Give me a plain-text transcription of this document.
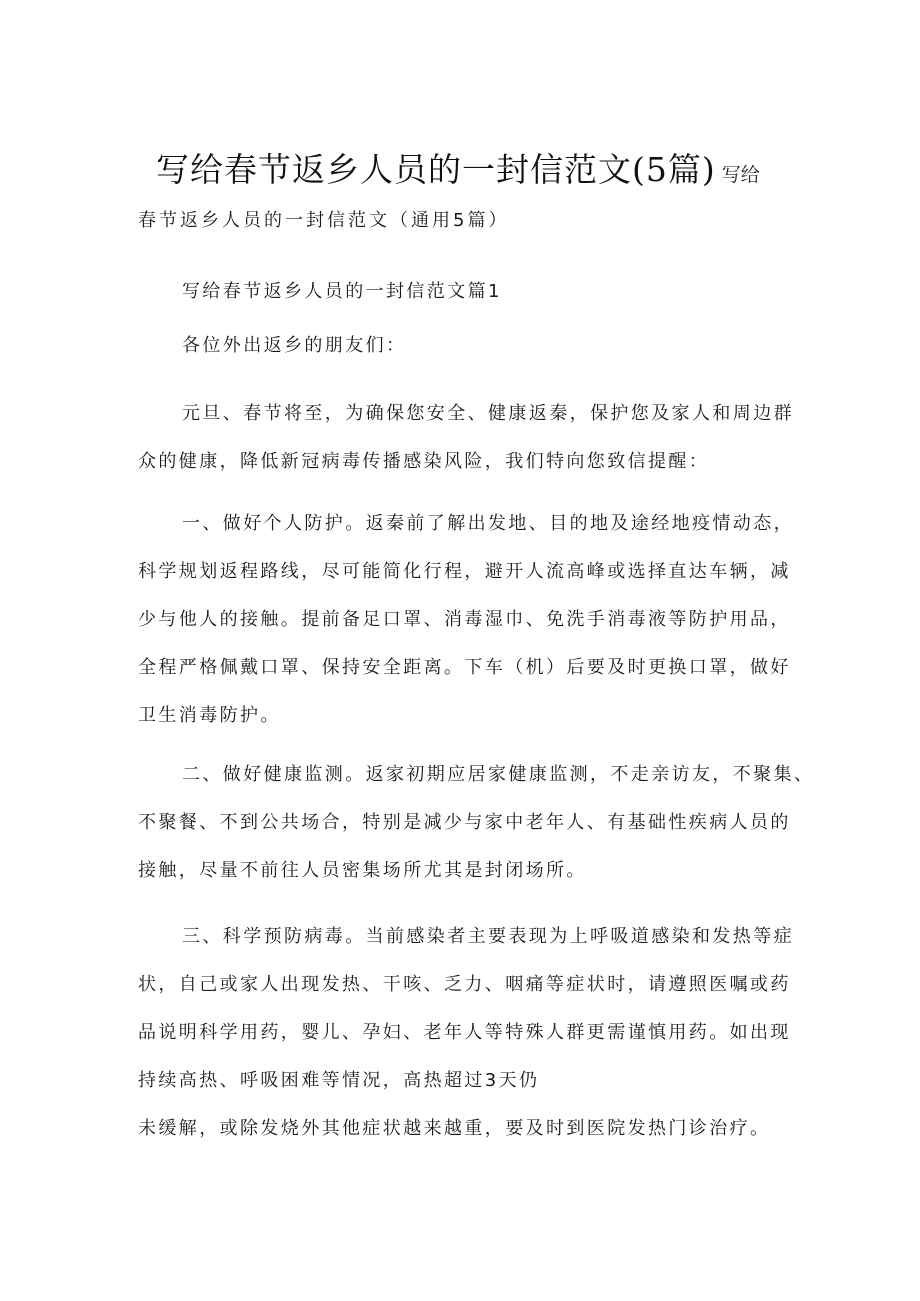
写给春节返乡人员的一封信范文(5篇) 写给
春节返乡人员的一封信范文（通用5篇）

写给春节返乡人员的一封信范文篇1

各位外出返乡的朋友们：

元旦、春节将至，为确保您安全、健康返秦，保护您及家人和周边群
众的健康，降低新冠病毒传播感染风险，我们特向您致信提醒：

一、做好个人防护。返秦前了解出发地、目的地及途经地疫情动态，
科学规划返程路线，尽可能简化行程，避开人流高峰或选择直达车辆，减
少与他人的接触。提前备足口罩、消毒湿巾、免洗手消毒液等防护用品，
全程严格佩戴口罩、保持安全距离。下车（机）后要及时更换口罩，做好
卫生消毒防护。

二、做好健康监测。返家初期应居家健康监测，不走亲访友，不聚集、
不聚餐、不到公共场合，特别是减少与家中老年人、有基础性疾病人员的
接触，尽量不前往人员密集场所尤其是封闭场所。

三、科学预防病毒。当前感染者主要表现为上呼吸道感染和发热等症
状，自己或家人出现发热、干咳、乏力、咽痛等症状时，请遵照医嘱或药
品说明科学用药，婴儿、孕妇、老年人等特殊人群更需谨慎用药。如出现
持续高热、呼吸困难等情况，高热超过3天仍
未缓解，或除发烧外其他症状越来越重，要及时到医院发热门诊治疗。
